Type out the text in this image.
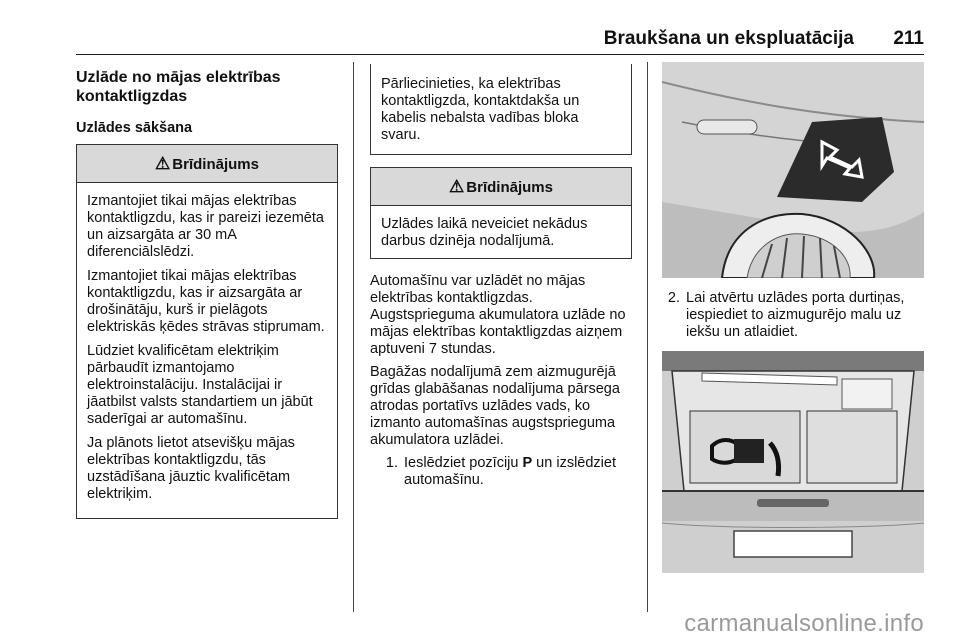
Braukšana un ekspluatācija 211
Uzlāde no mājas elektrības kontaktligzdas
Uzlādes sākšana
⚠ Brīdinājums

Izmantojiet tikai mājas elektrības kontaktligzdu, kas ir pareizi iezemēta un aizsargāta ar 30 mA diferenciālslēdzi.

Izmantojiet tikai mājas elektrības kontaktligzdu, kas ir aizsargāta ar drošinātāju, kurš ir pielāgots elektriskās ķēdes strāvas stiprumam.

Lūdziet kvalificētam elektriķim pārbaudīt izmantojamo elektroinstalāciju. Instalācijai ir jāatbilst valsts standartiem un jābūt saderīgai ar automašīnu.

Ja plānots lietot atsevišķu mājas elektrības kontaktligzdu, tās uzstādīšana jāuztic kvalificētam elektriķim.

Pārliecinieties, ka elektrības kontaktligzda, kontaktdakša un kabelis nebalsta vadības bloka svaru.

⚠ Brīdinājums

Uzlādes laikā neveiciet nekādus darbus dzinēja nodalījumā.

Automašīnu var uzlādēt no mājas elektrības kontaktligzdas. Augstsprieguma akumulatora uzlāde no mājas elektrības kontaktligzdas aizņem aptuveni 7 stundas.

Bagāžas nodalījumā zem aizmugurējā grīdas glabāšanas nodalījuma pārsega atrodas portatīvs uzlādes vads, ko izmanto automašīnas augstsprieguma akumulatora uzlādei.

1. Ieslēdziet pozīciju P un izslēdziet automašīnu.
2. Lai atvērtu uzlādes porta durtiņas, iespiediet to aizmugurējo malu uz iekšu un atlaidiet.
carmanualsonline.info
